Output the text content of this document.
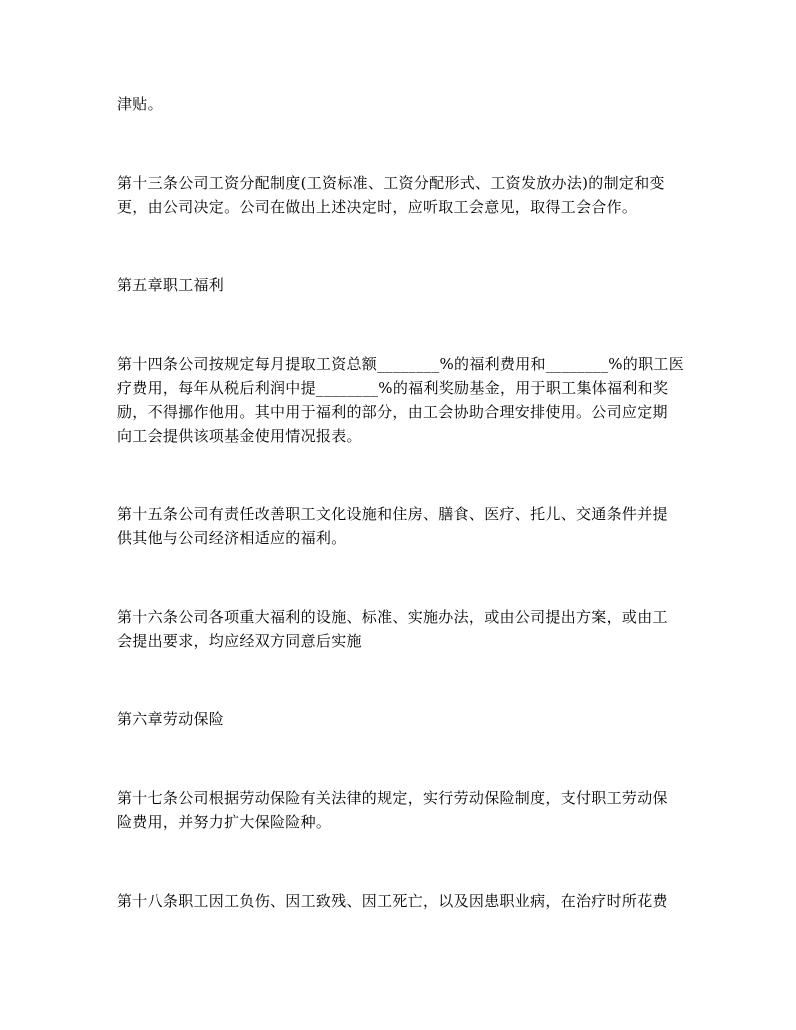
津贴。
第十三条公司工资分配制度(工资标准、工资分配形式、工资发放办法)的制定和变
更，由公司决定。公司在做出上述决定时，应听取工会意见，取得工会合作。
第五章职工福利
第十四条公司按规定每月提取工资总额________%的福利费用和________%的职工医
疗费用，每年从税后利润中提________%的福利奖励基金，用于职工集体福利和奖
励，不得挪作他用。其中用于福利的部分，由工会协助合理安排使用。公司应定期
向工会提供该项基金使用情况报表。
第十五条公司有责任改善职工文化设施和住房、膳食、医疗、托儿、交通条件并提
供其他与公司经济相适应的福利。
第十六条公司各项重大福利的设施、标准、实施办法，或由公司提出方案，或由工
会提出要求，均应经双方同意后实施
第六章劳动保险
第十七条公司根据劳动保险有关法律的规定，实行劳动保险制度，支付职工劳动保
险费用，并努力扩大保险险种。
第十八条职工因工负伤、因工致残、因工死亡，以及因患职业病，在治疗时所花费
